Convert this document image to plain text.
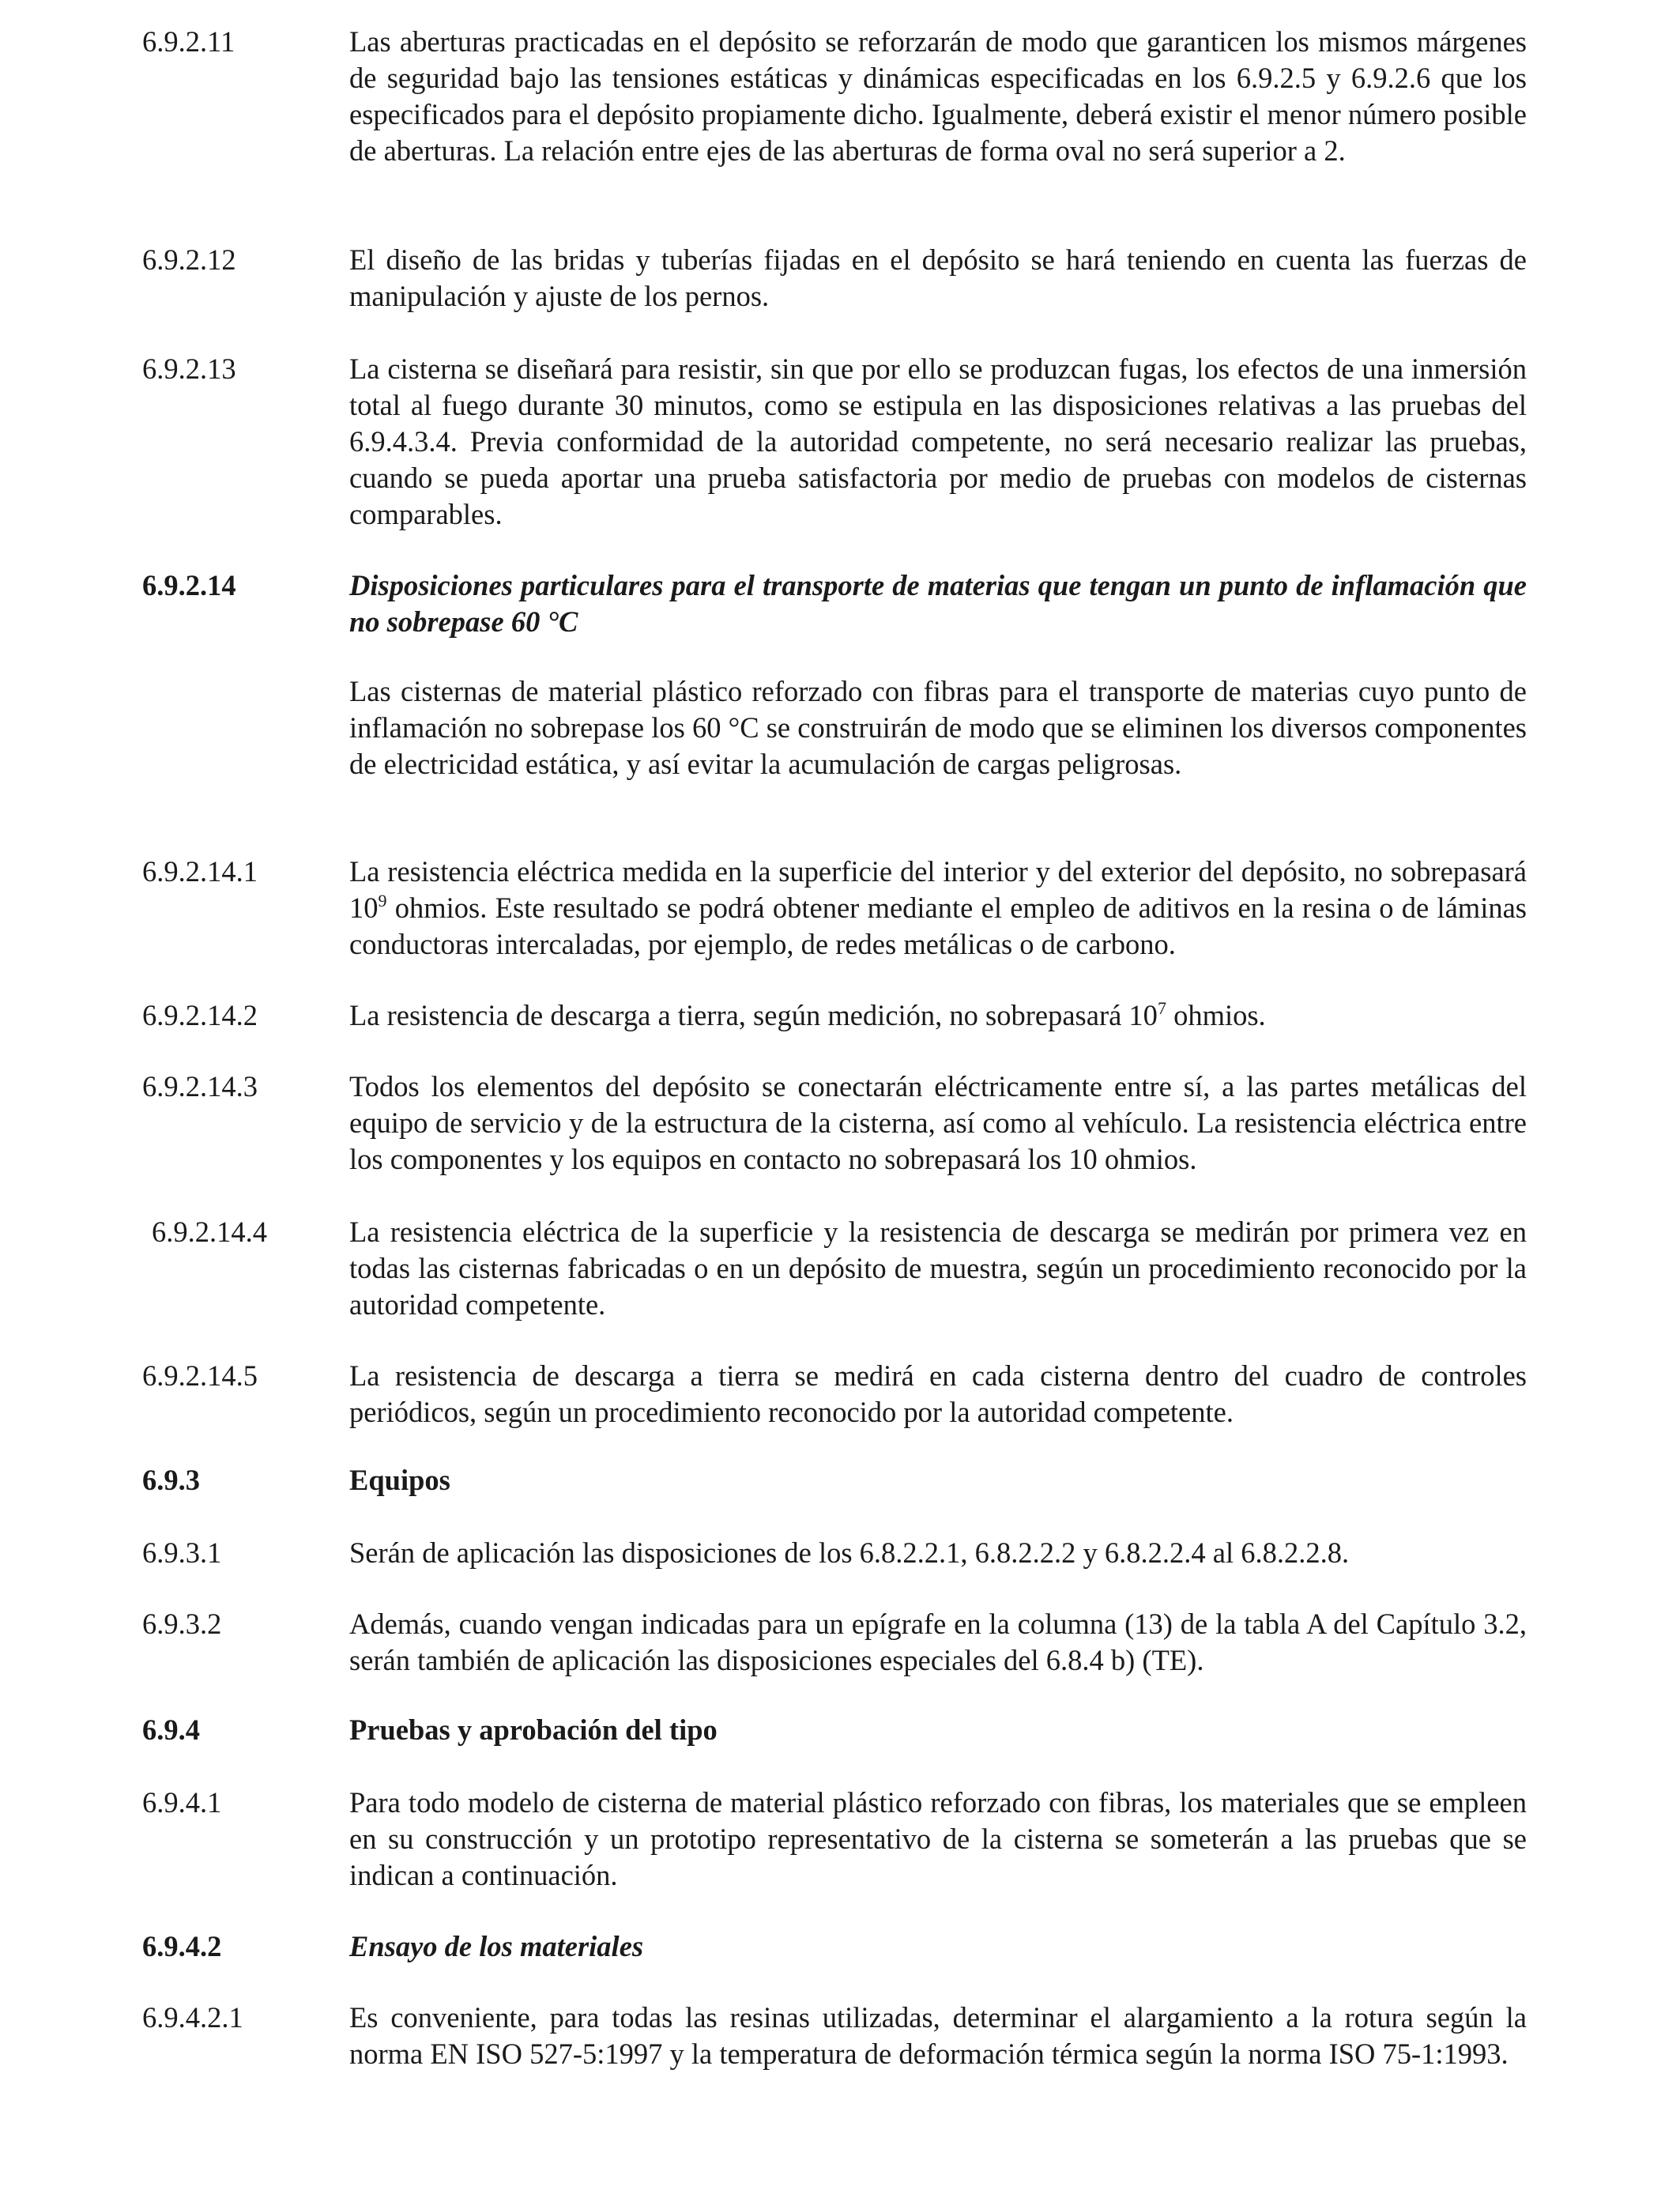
6.9.2.11	Las aberturas practicadas en el depósito se reforzarán de modo que garanticen los mismos márgenes de seguridad bajo las tensiones estáticas y dinámicas especificadas en los 6.9.2.5 y 6.9.2.6 que los especificados para el depósito propiamente dicho. Igualmente, deberá existir el menor número posible de aberturas. La relación entre ejes de las aberturas de forma oval no será superior a 2.
6.9.2.12	El diseño de las bridas y tuberías fijadas en el depósito se hará teniendo en cuenta las fuerzas de manipulación y ajuste de los pernos.
6.9.2.13	La cisterna se diseñará para resistir, sin que por ello se produzcan fugas, los efectos de una inmersión total al fuego durante 30 minutos, como se estipula en las disposiciones relativas a las pruebas del 6.9.4.3.4. Previa conformidad de la autoridad competente, no será necesario realizar las pruebas, cuando se pueda aportar una prueba satisfactoria por medio de pruebas con modelos de cisternas comparables.
6.9.2.14	Disposiciones particulares para el transporte de materias que tengan un punto de inflamación que no sobrepase 60 °C
Las cisternas de material plástico reforzado con fibras para el transporte de materias cuyo punto de inflamación no sobrepase los 60 °C se construirán de modo que se eliminen los diversos componentes de electricidad estática, y así evitar la acumulación de cargas peligrosas.
6.9.2.14.1	La resistencia eléctrica medida en la superficie del interior y del exterior del depósito, no sobrepasará $10^9$ ohmios. Este resultado se podrá obtener mediante el empleo de aditivos en la resina o de láminas conductoras intercaladas, por ejemplo, de redes metálicas o de carbono.
6.9.2.14.2	La resistencia de descarga a tierra, según medición, no sobrepasará $10^7$ ohmios.
6.9.2.14.3	Todos los elementos del depósito se conectarán eléctricamente entre sí, a las partes metálicas del equipo de servicio y de la estructura de la cisterna, así como al vehículo. La resistencia eléctrica entre los componentes y los equipos en contacto no sobrepasará los 10 ohmios.
6.9.2.14.4	La resistencia eléctrica de la superficie y la resistencia de descarga se medirán por primera vez en todas las cisternas fabricadas o en un depósito de muestra, según un procedimiento reconocido por la autoridad competente.
6.9.2.14.5	La resistencia de descarga a tierra se medirá en cada cisterna dentro del cuadro de controles periódicos, según un procedimiento reconocido por la autoridad competente.
6.9.3	Equipos
6.9.3.1	Serán de aplicación las disposiciones de los 6.8.2.2.1, 6.8.2.2.2 y 6.8.2.2.4 al 6.8.2.2.8.
6.9.3.2	Además, cuando vengan indicadas para un epígrafe en la columna (13) de la tabla A del Capítulo 3.2, serán también de aplicación las disposiciones especiales del 6.8.4 b) (TE).
6.9.4	Pruebas y aprobación del tipo
6.9.4.1	Para todo modelo de cisterna de material plástico reforzado con fibras, los materiales que se empleen en su construcción y un prototipo representativo de la cisterna se someterán a las pruebas que se indican a continuación.
6.9.4.2	Ensayo de los materiales
6.9.4.2.1	Es conveniente, para todas las resinas utilizadas, determinar el alargamiento a la rotura según la norma EN ISO 527-5:1997 y la temperatura de deformación térmica según la norma ISO 75-1:1993.
